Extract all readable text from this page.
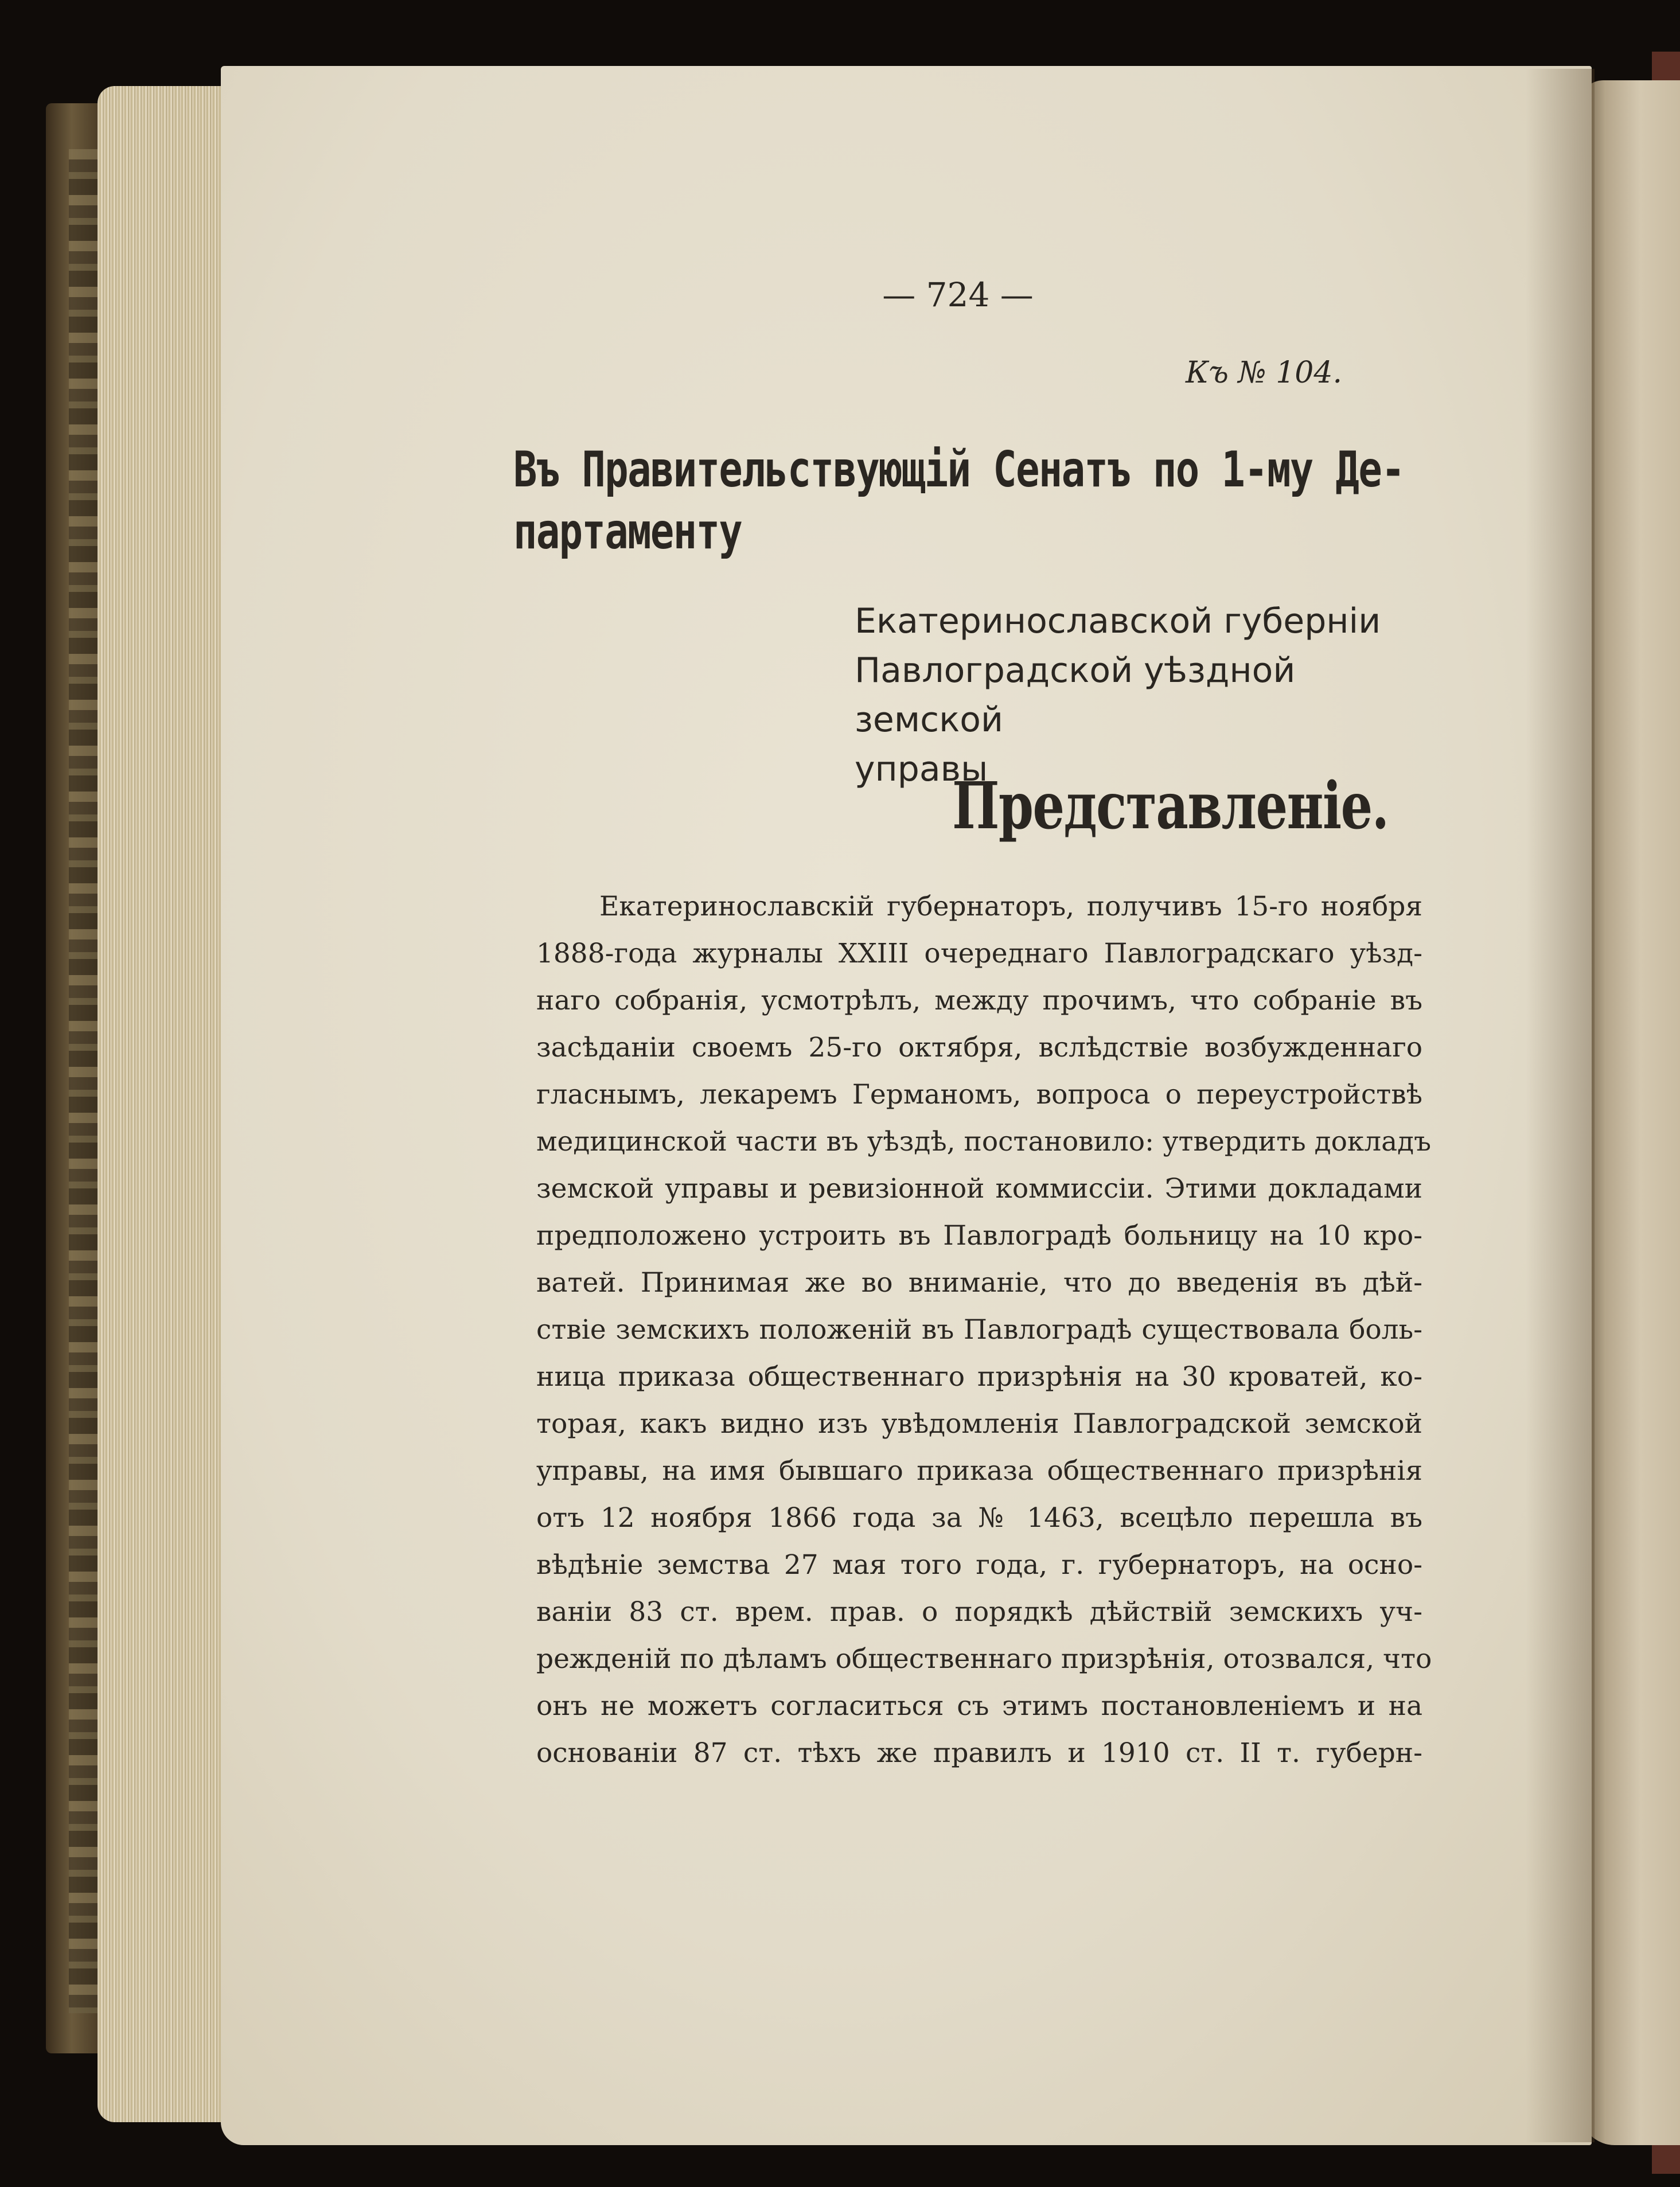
— 724 —
Къ № 104.
Въ Правительствующій Сенатъ по 1-му Де-
партаменту
Екатеринославской губерніи
Павлоградской уѣздной земской
управы
Представленіе.
Екатеринославскій губернаторъ, получивъ 15-го ноября
1888-года журналы XXIII очереднаго Павлоградскаго уѣзд-
наго собранія, усмотрѣлъ, между прочимъ, что собраніе въ
засѣданіи своемъ 25-го октября, вслѣдствіе возбужденнаго
гласнымъ, лекаремъ Германомъ, вопроса о переустройствѣ
медицинской части въ уѣздѣ, постановило: утвердить докладъ
земской управы и ревизіонной коммиссіи. Этими докладами
предположено устроить въ Павлоградѣ больницу на 10 кро-
ватей. Принимая же во вниманіе, что до введенія въ дѣй-
ствіе земскихъ положеній въ Павлоградѣ существовала боль-
ница приказа общественнаго призрѣнія на 30 кроватей, ко-
торая, какъ видно изъ увѣдомленія Павлоградской земской
управы, на имя бывшаго приказа общественнаго призрѣнія
отъ 12 ноября 1866 года за № 1463, всецѣло перешла въ
вѣдѣніе земства 27 мая того года, г. губернаторъ, на осно-
ваніи 83 ст. врем. прав. о порядкѣ дѣйствій земскихъ уч-
режденій по дѣламъ общественнаго призрѣнія, отозвался, что
онъ не можетъ согласиться съ этимъ постановленіемъ и на
основаніи 87 ст. тѣхъ же правилъ и 1910 ст. II т. губерн-
